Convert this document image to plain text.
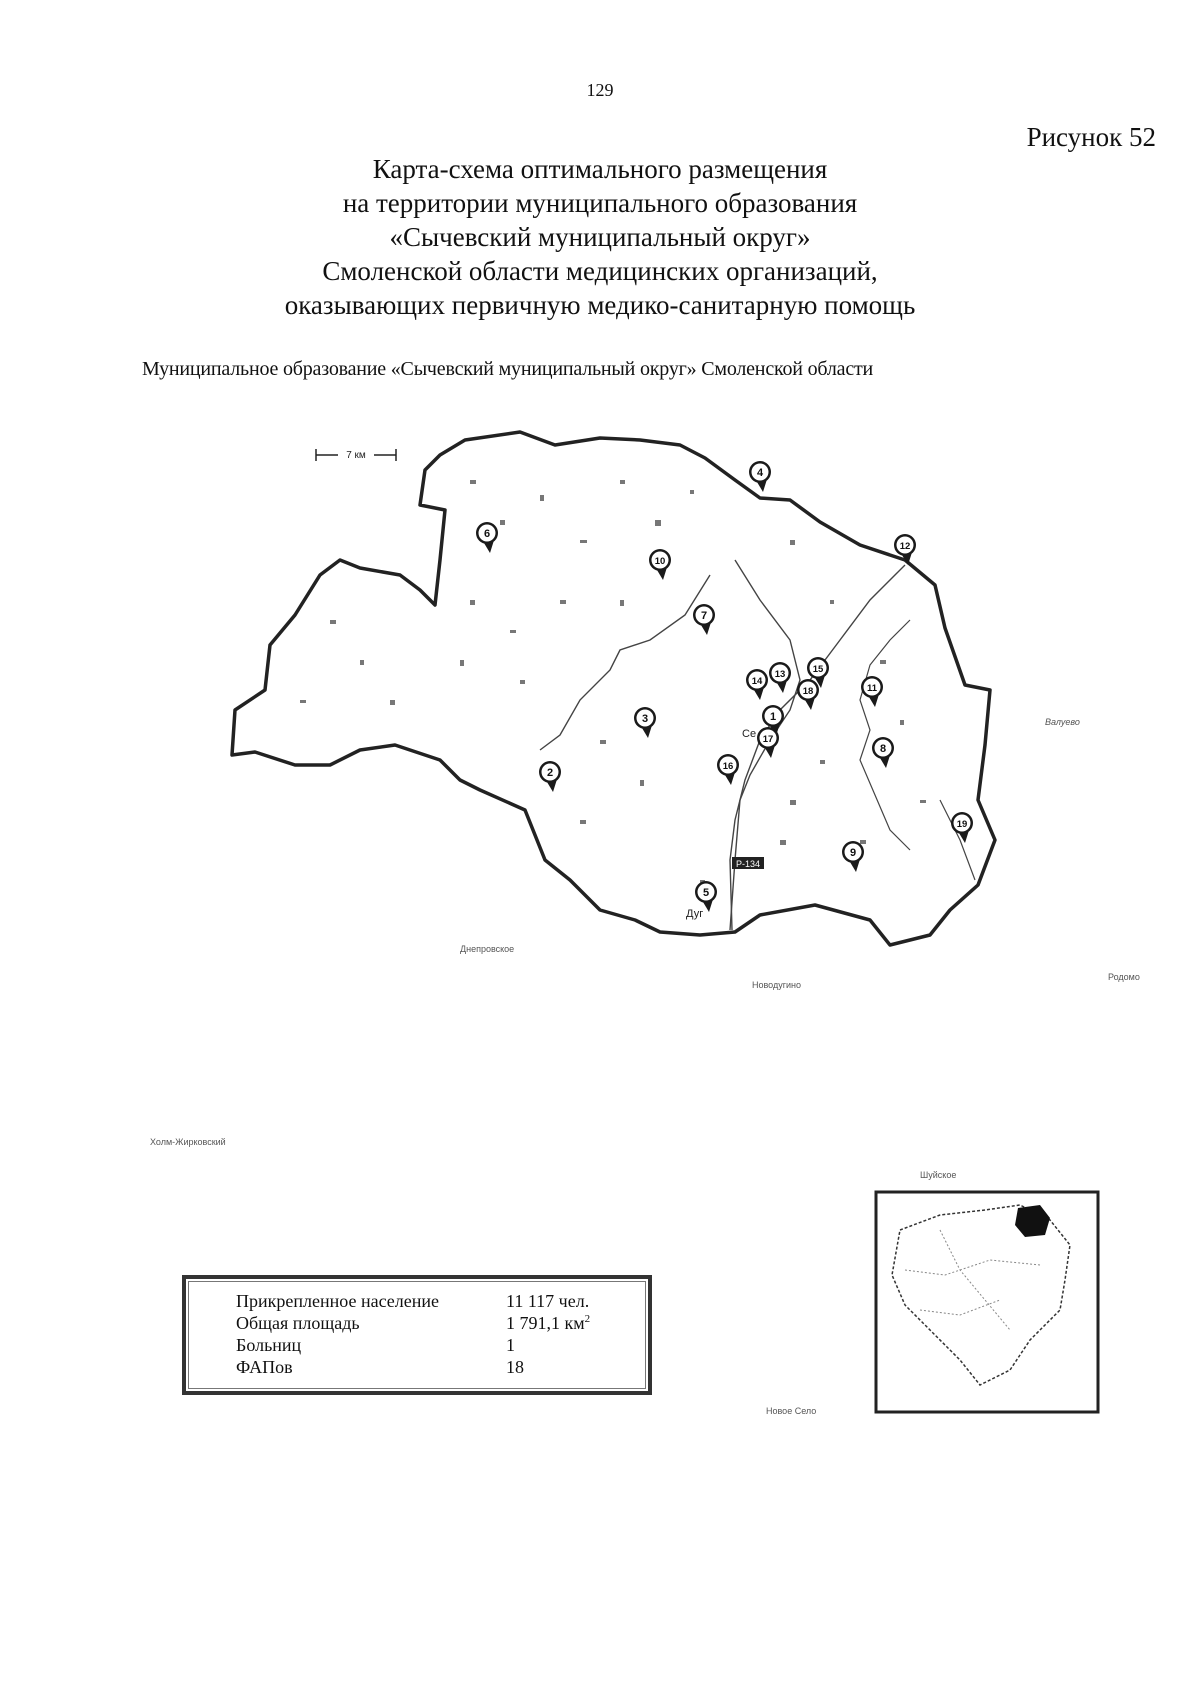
129
Рисунок 52
Карта-схема оптимального размещения
на территории муниципального образования
«Сычевский муниципальный округ»
Смоленской области медицинских организаций,
оказывающих первичную медико-санитарную помощь
Муниципальное образование «Сычевский муниципальный округ» Смоленской области
7 км
Р-134
Се
Дуг
Днепровское
Новодугино
Родомо
Холм-Жирковский
Валуево
1
2
3
4
5
6
7
8
9
10
11
12
13
14
15
16
17
18
19
Шуйское
Новое Село
Прикрепленное население	11 117 чел.
Общая площадь	1 791,1 $км^2$
Больниц	1
ФАПов	18
